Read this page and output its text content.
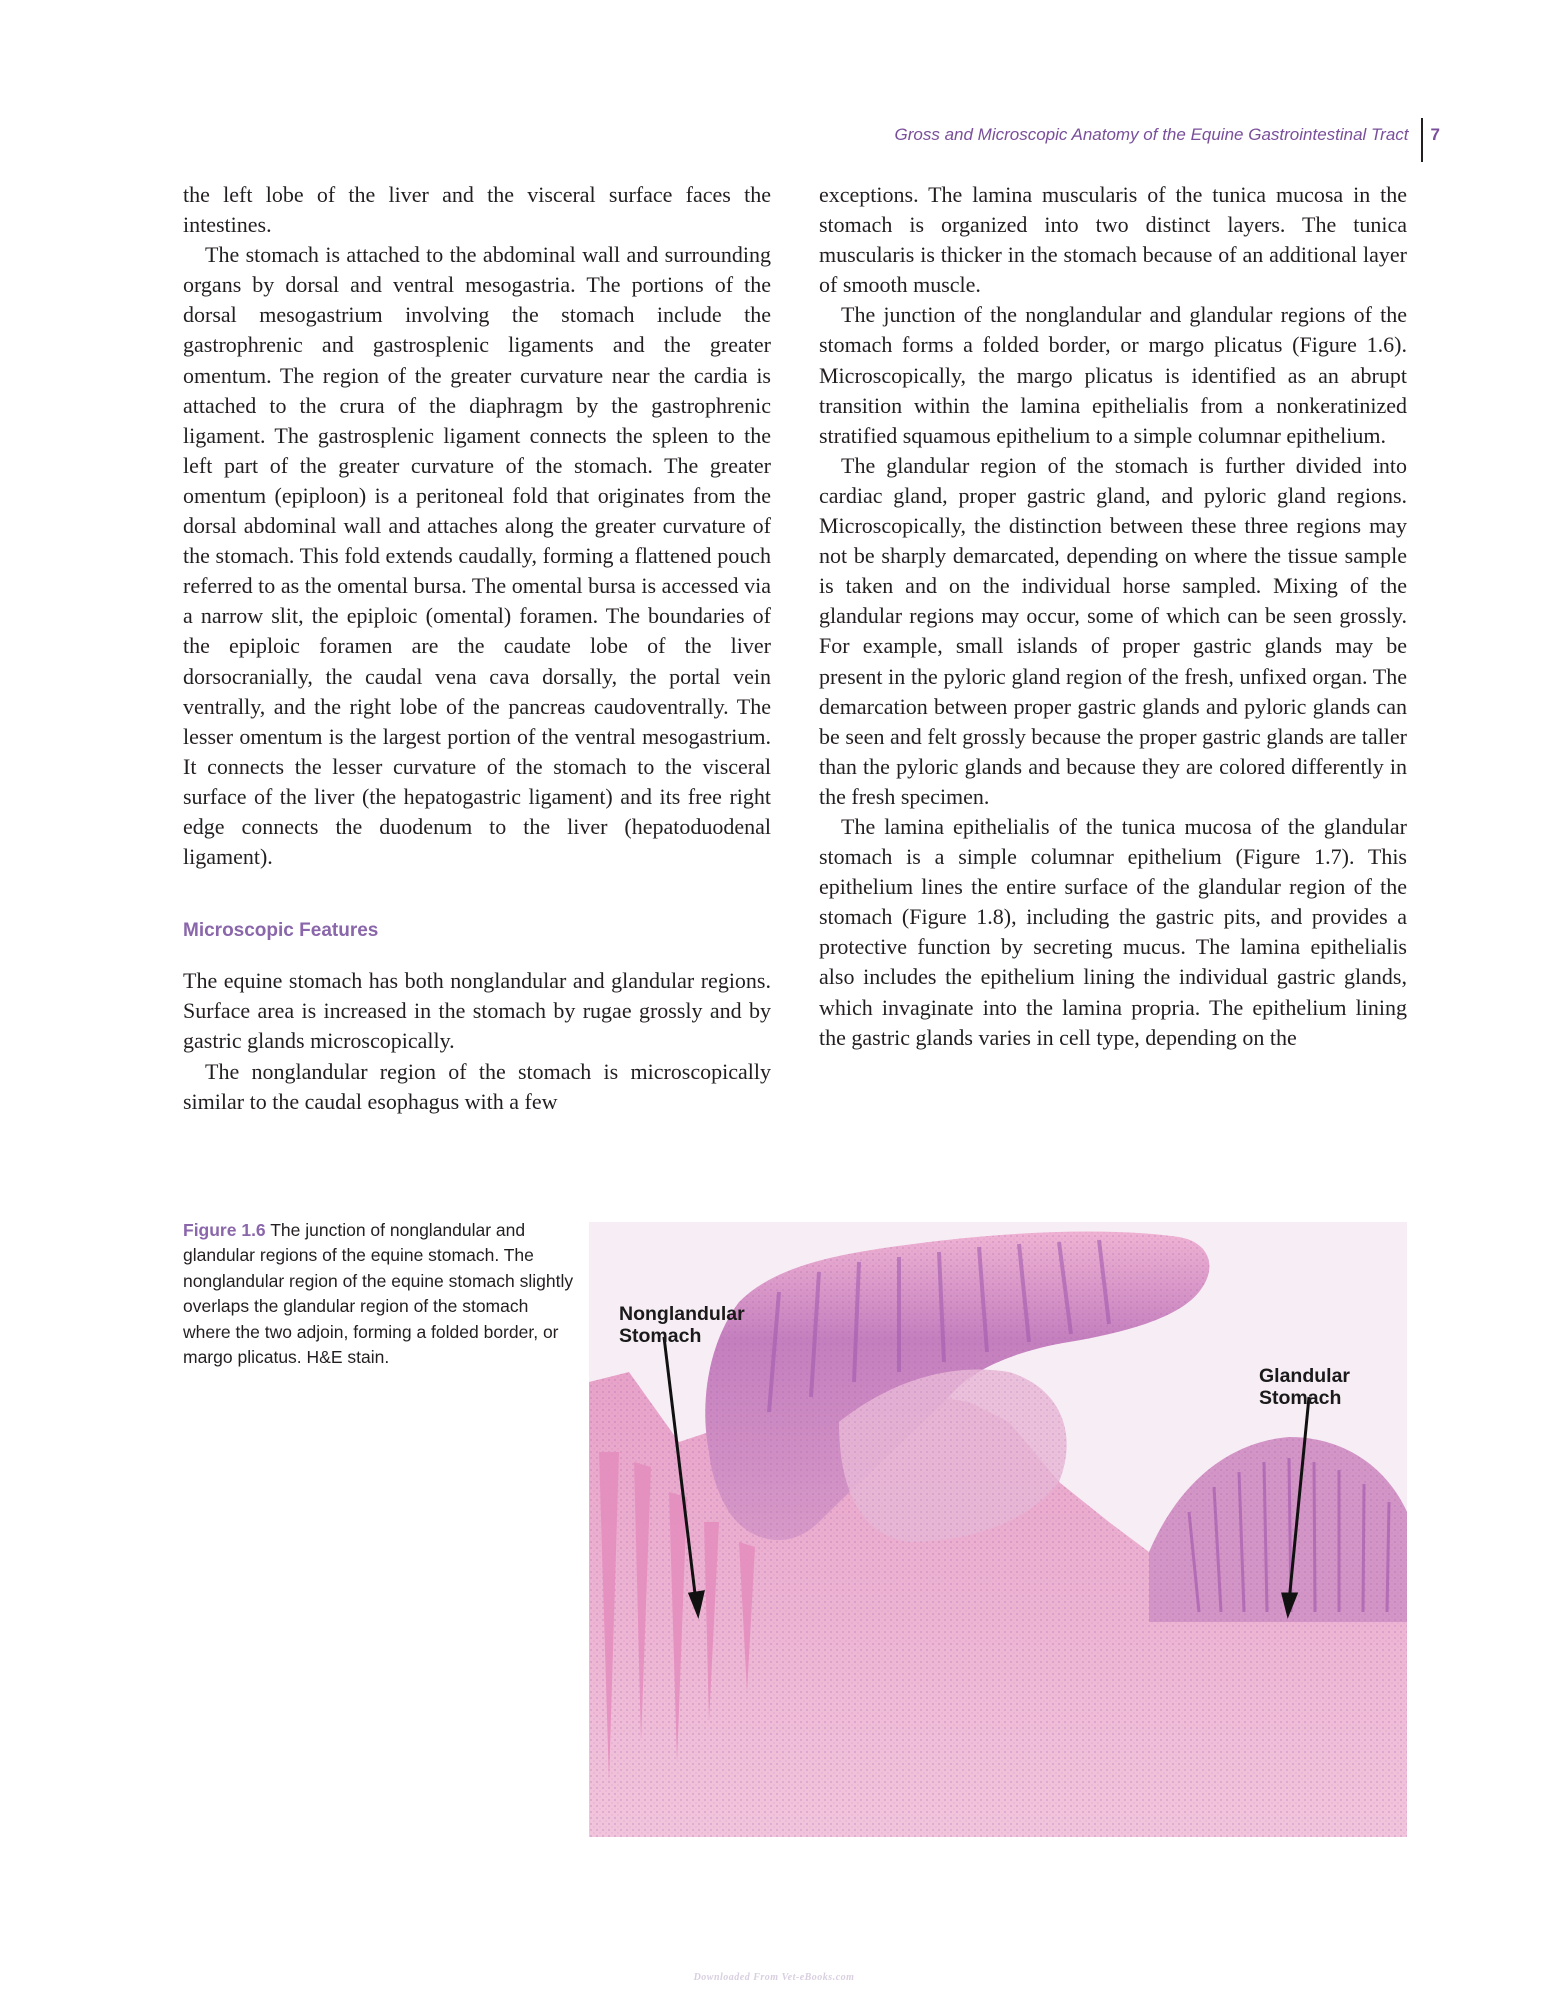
Gross and Microscopic Anatomy of the Equine Gastrointestinal Tract	7

the left lobe of the liver and the visceral surface faces the intestines.

The stomach is attached to the abdominal wall and surrounding organs by dorsal and ventral mesogastria. The portions of the dorsal mesogastrium involving the stomach include the gastrophrenic and gastrosplenic ligaments and the greater omentum. The region of the greater curvature near the cardia is attached to the crura of the diaphragm by the gastrophrenic ligament. The gastrosplenic ligament connects the spleen to the left part of the greater curvature of the stomach. The greater omentum (epiploon) is a peritoneal fold that originates from the dorsal abdominal wall and attaches along the greater curvature of the stomach. This fold extends caudally, forming a flattened pouch referred to as the omental bursa. The omental bursa is accessed via a narrow slit, the epiploic (omental) foramen. The boundaries of the epiploic foramen are the caudate lobe of the liver dorsocranially, the caudal vena cava dorsally, the portal vein ventrally, and the right lobe of the pancreas caudoventrally. The lesser omentum is the largest portion of the ventral mesogastrium. It connects the lesser curvature of the stomach to the visceral surface of the liver (the hepatogastric ligament) and its free right edge connects the duodenum to the liver (hepatoduodenal ligament).

Microscopic Features

The equine stomach has both nonglandular and glandular regions. Surface area is increased in the stomach by rugae grossly and by gastric glands microscopically.

The nonglandular region of the stomach is microscopically similar to the caudal esophagus with a few

exceptions. The lamina muscularis of the tunica mucosa in the stomach is organized into two distinct layers. The tunica muscularis is thicker in the stomach because of an additional layer of smooth muscle.

The junction of the nonglandular and glandular regions of the stomach forms a folded border, or margo plicatus (Figure 1.6). Microscopically, the margo plicatus is identified as an abrupt transition within the lamina epithelialis from a nonkeratinized stratified squamous epithelium to a simple columnar epithelium.

The glandular region of the stomach is further divided into cardiac gland, proper gastric gland, and pyloric gland regions. Microscopically, the distinction between these three regions may not be sharply demarcated, depending on where the tissue sample is taken and on the individual horse sampled. Mixing of the glandular regions may occur, some of which can be seen grossly. For example, small islands of proper gastric glands may be present in the pyloric gland region of the fresh, unfixed organ. The demarcation between proper gastric glands and pyloric glands can be seen and felt grossly because the proper gastric glands are taller than the pyloric glands and because they are colored differently in the fresh specimen.

The lamina epithelialis of the tunica mucosa of the glandular stomach is a simple columnar epithelium (Figure 1.7). This epithelium lines the entire surface of the glandular region of the stomach (Figure 1.8), including the gastric pits, and provides a protective function by secreting mucus. The lamina epithelialis also includes the epithelium lining the individual gastric glands, which invaginate into the lamina propria. The epithelium lining the gastric glands varies in cell type, depending on the

Figure 1.6 The junction of nonglandular and glandular regions of the equine stomach. The nonglandular region of the equine stomach slightly overlaps the glandular region of the stomach where the two adjoin, forming a folded border, or margo plicatus. H&E stain.
Nonglandular
Stomach
Glandular
Stomach
Downloaded From Vet-eBooks.com
